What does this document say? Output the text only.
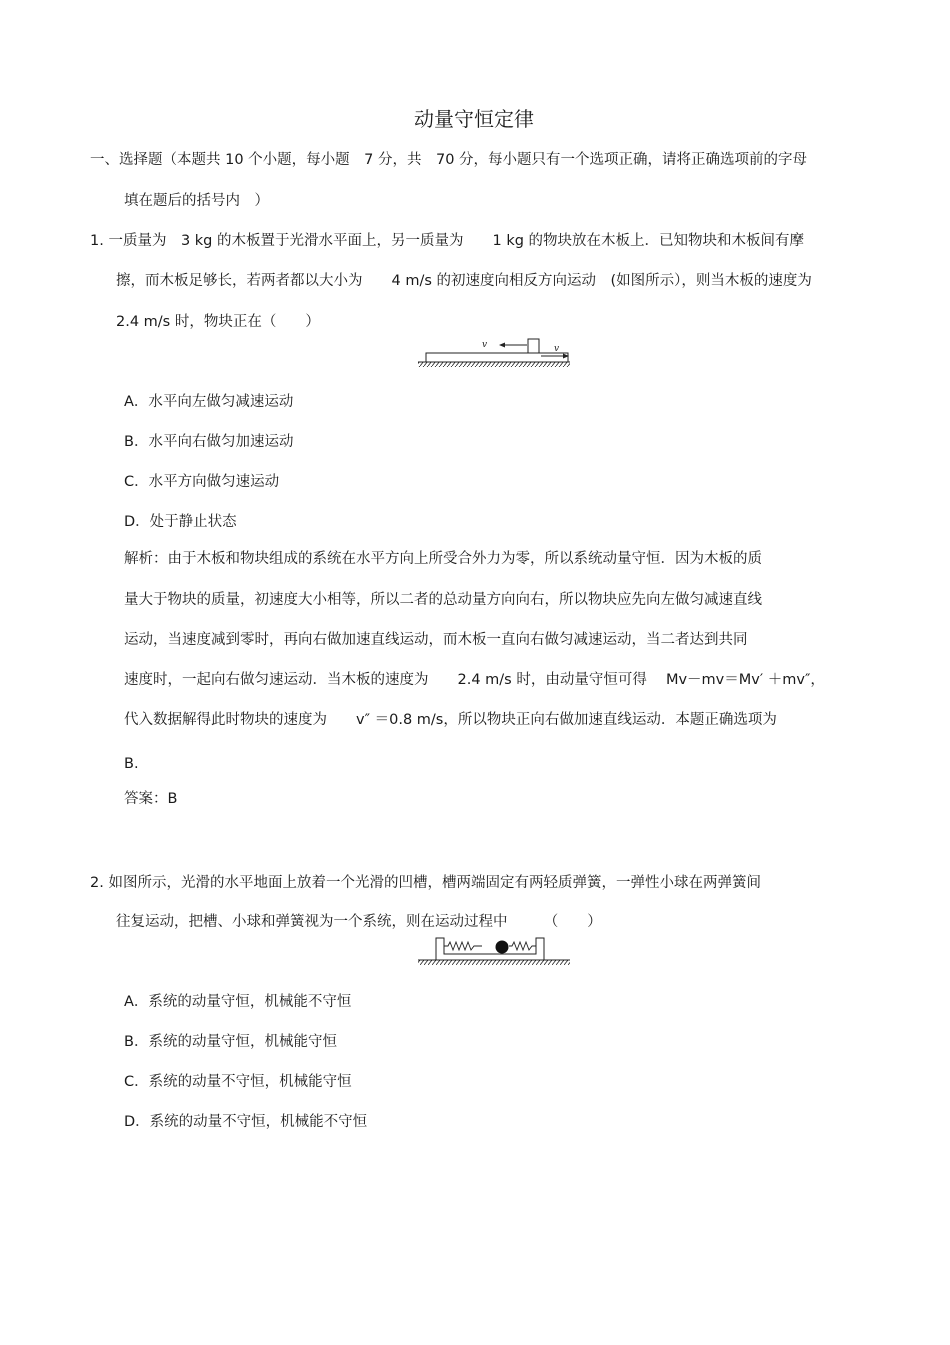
动量守恒定律
一、选择题（本题共 10 个小题，每小题　7 分，共　70 分，每小题只有一个选项正确，请将正确选项前的字母
填在题后的括号内　）
1. 一质量为　3 kg 的木板置于光滑水平面上，另一质量为　　1 kg 的物块放在木板上．已知物块和木板间有摩
擦，而木板足够长，若两者都以大小为　　4 m/s 的初速度向相反方向运动　(如图所示），则当木板的速度为
2.4 m/s 时，物块正在（　　）
v	v
A．水平向左做匀减速运动
B．水平向右做匀加速运动
C．水平方向做匀速运动
D．处于静止状态
解析：由于木板和物块组成的系统在水平方向上所受合外力为零，所以系统动量守恒．因为木板的质
量大于物块的质量，初速度大小相等，所以二者的总动量方向向右，所以物块应先向左做匀减速直线
运动，当速度减到零时，再向右做加速直线运动，而木板一直向右做匀减速运动，当二者达到共同
速度时，一起向右做匀速运动．当木板的速度为　　2.4 m/s 时，由动量守恒可得　 Mv－mv＝Mv′ ＋mv″，
代入数据解得此时物块的速度为　　v″ ＝0.8 m/s，所以物块正向右做加速直线运动．本题正确选项为
B.
答案：B
2. 如图所示，光滑的水平地面上放着一个光滑的凹槽，槽两端固定有两轻质弹簧，一弹性小球在两弹簧间
往复运动，把槽、小球和弹簧视为一个系统，则在运动过程中　　　（　　）
A．系统的动量守恒，机械能不守恒
B．系统的动量守恒，机械能守恒
C．系统的动量不守恒，机械能守恒
D．系统的动量不守恒，机械能不守恒
